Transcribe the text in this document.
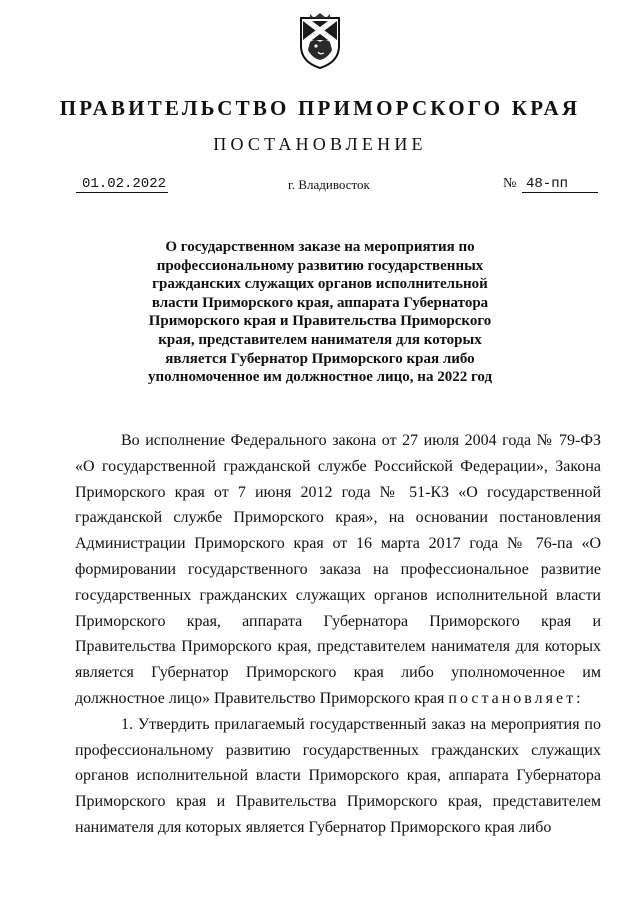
ПРАВИТЕЛЬСТВО ПРИМОРСКОГО КРАЯ
ПОСТАНОВЛЕНИЕ
01.02.2022	г. Владивосток	№ 48-пп
О государственном заказе на мероприятия по профессиональному развитию государственных гражданских служащих органов исполнительной власти Приморского края, аппарата Губернатора Приморского края и Правительства Приморского края, представителем нанимателя для которых является Губернатор Приморского края либо уполномоченное им должностное лицо, на 2022 год

Во исполнение Федерального закона от 27 июля 2004 года № 79-ФЗ «О государственной гражданской службе Российской Федерации», Закона Приморского края от 7 июня 2012 года № 51-КЗ «О государственной гражданской службе Приморского края», на основании постановления Администрации Приморского края от 16 марта 2017 года № 76-па «О формировании государственного заказа на профессиональное развитие государственных гражданских служащих органов исполнительной власти Приморского края, аппарата Губернатора Приморского края и Правительства Приморского края, представителем нанимателя для которых является Губернатор Приморского края либо уполномоченное им должностное лицо» Правительство Приморского края постановляет:

1. Утвердить прилагаемый государственный заказ на мероприятия по профессиональному развитию государственных гражданских служащих органов исполнительной власти Приморского края, аппарата Губернатора Приморского края и Правительства Приморского края, представителем нанимателя для которых является Губернатор Приморского края либо
